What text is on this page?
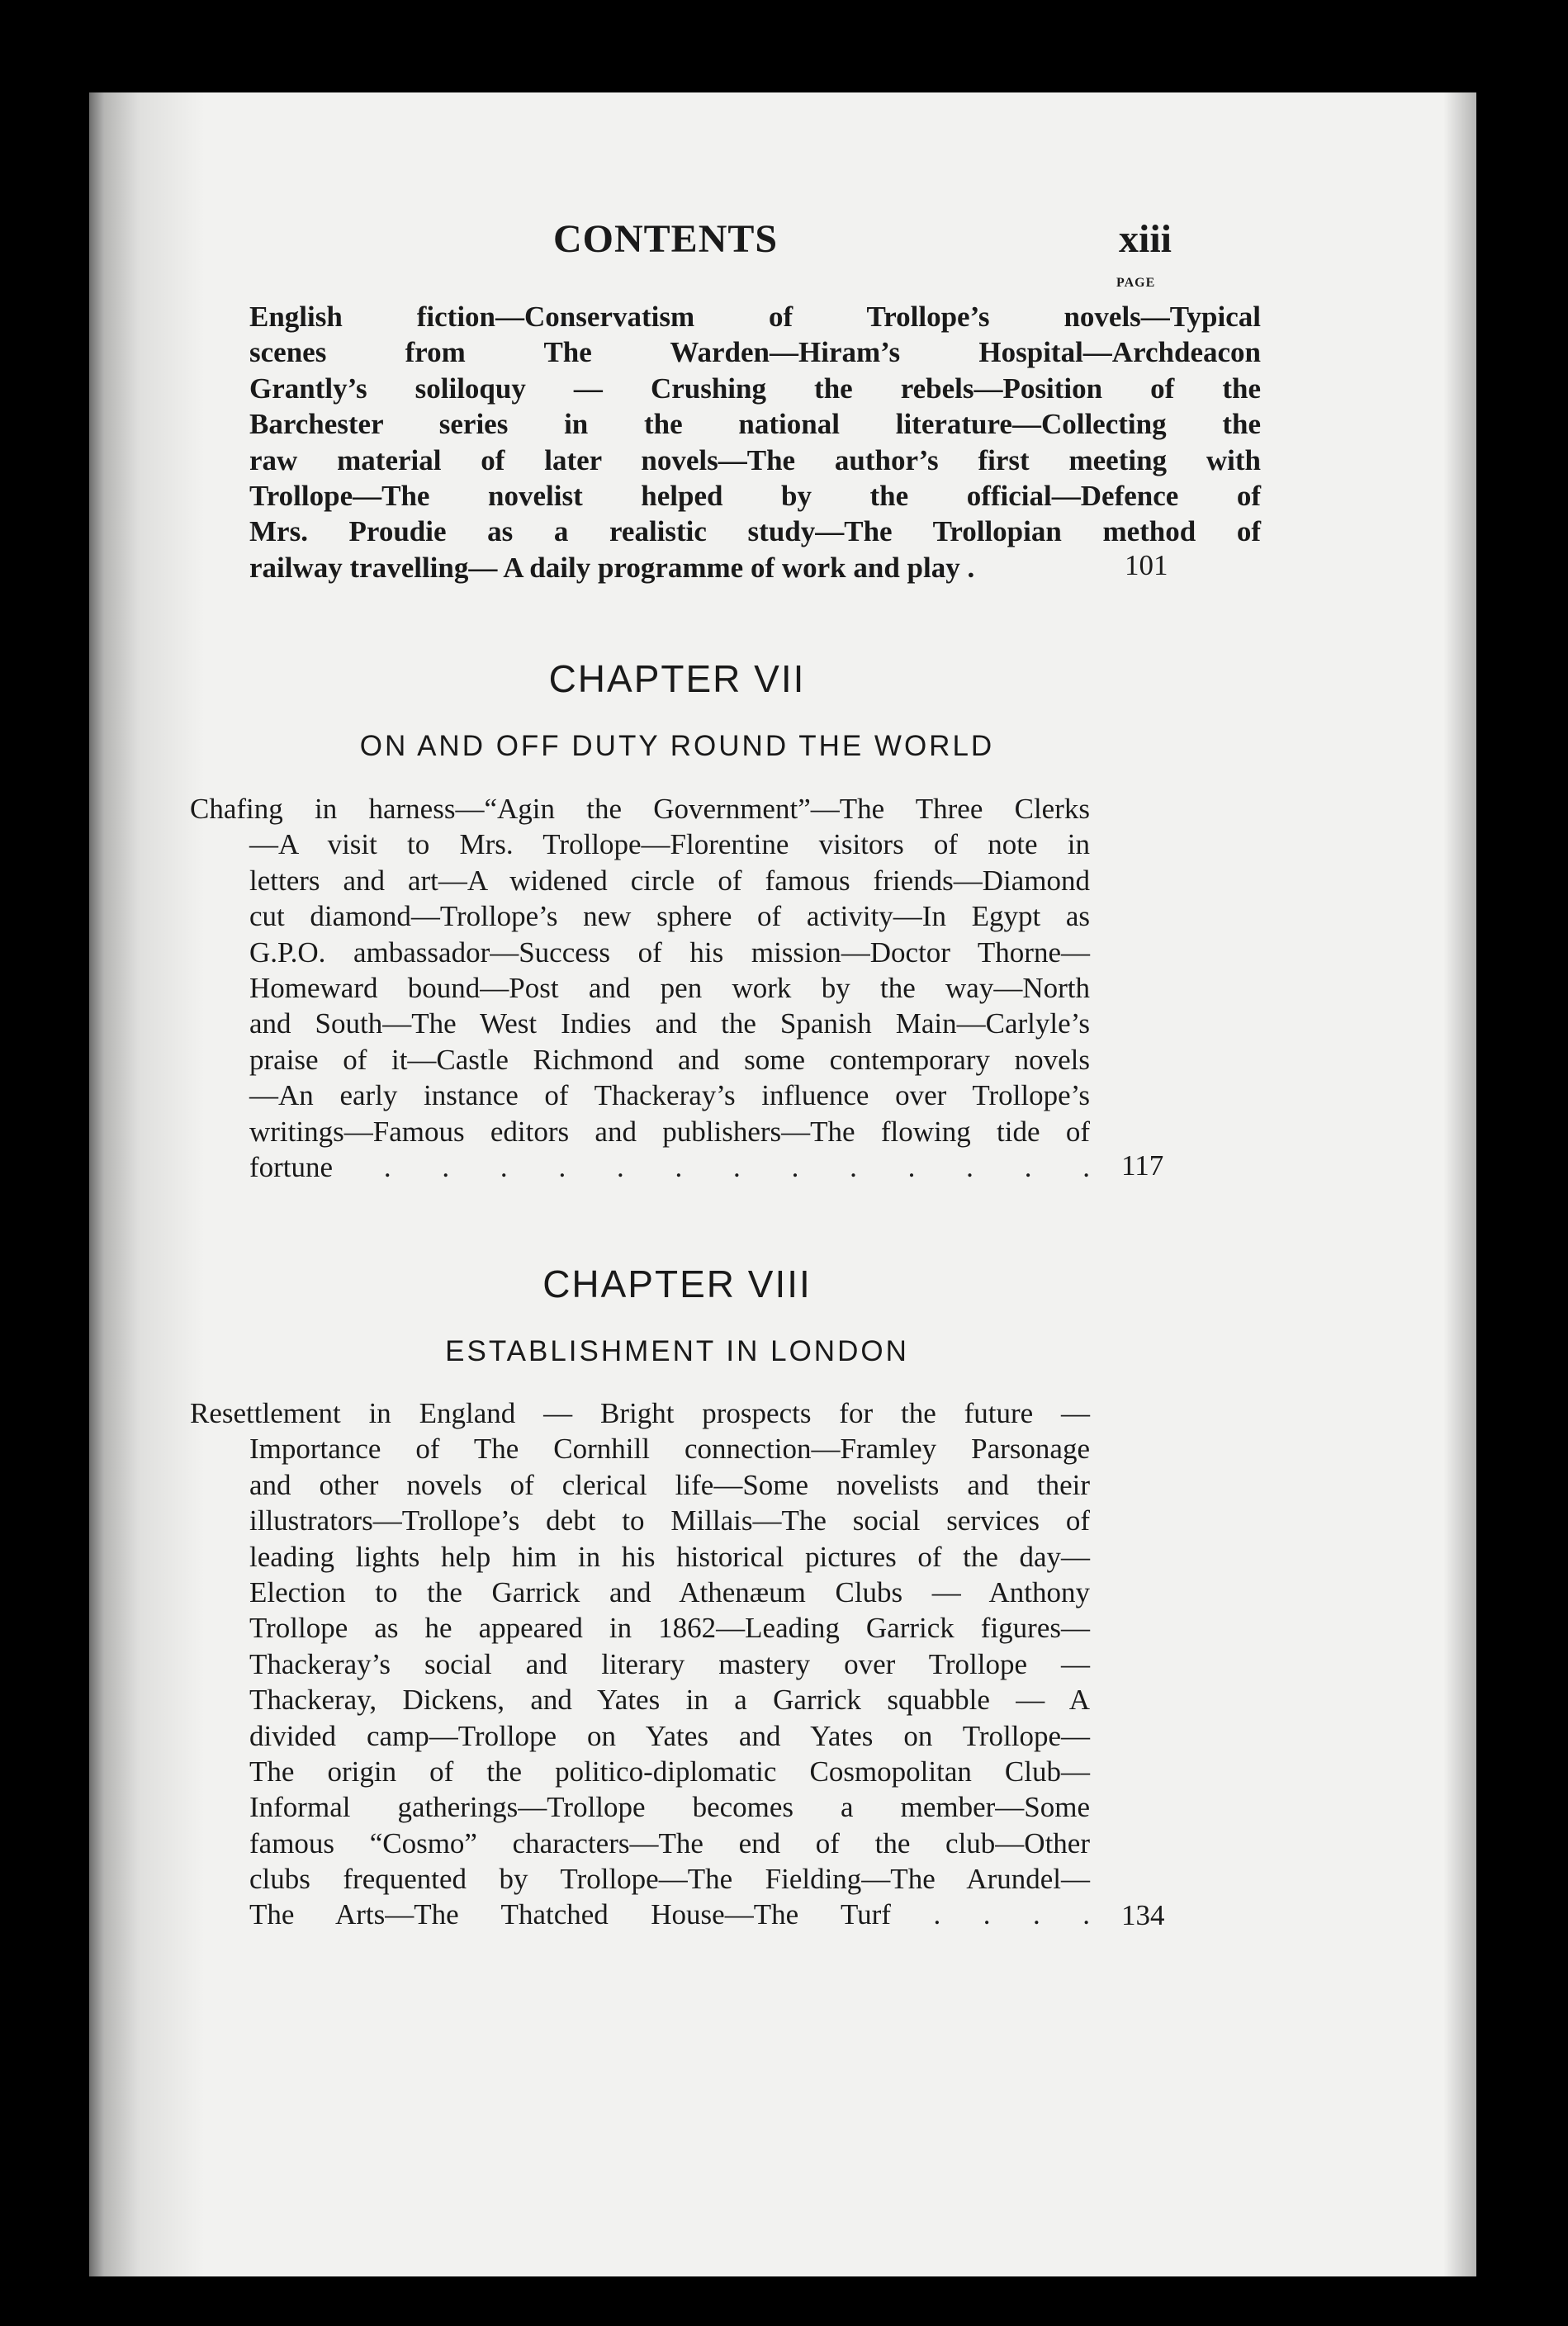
CONTENTS	xiii
PAGE
English fiction—Conservatism of Trollope’s novels—Typical
scenes from The Warden—Hiram’s Hospital—Archdeacon
Grantly’s soliloquy — Crushing the rebels—Position of the
Barchester series in the national literature—Collecting the
raw material of later novels—The author’s first meeting with
Trollope—The novelist helped by the official—Defence of
Mrs. Proudie as a realistic study—The Trollopian method of
railway travelling— A daily programme of work and play .	101
CHAPTER VII
ON AND OFF DUTY ROUND THE WORLD
Chafing in harness—“Agin the Government”—The Three Clerks
—A visit to Mrs. Trollope—Florentine visitors of note in
letters and art—A widened circle of famous friends—Diamond
cut diamond—Trollope’s new sphere of activity—In Egypt as
G.P.O. ambassador—Success of his mission—Doctor Thorne—
Homeward bound—Post and pen work by the way—North
and South—The West Indies and the Spanish Main—Carlyle’s
praise of it—Castle Richmond and some contemporary novels
—An early instance of Thackeray’s influence over Trollope’s
writings—Famous editors and publishers—The flowing tide of
fortune . . . . . . . . . . . . . 117
CHAPTER VIII
ESTABLISHMENT IN LONDON
Resettlement in England — Bright prospects for the future —
Importance of The Cornhill connection—Framley Parsonage
and other novels of clerical life—Some novelists and their
illustrators—Trollope’s debt to Millais—The social services of
leading lights help him in his historical pictures of the day—
Election to the Garrick and Athenæum Clubs — Anthony
Trollope as he appeared in 1862—Leading Garrick figures—
Thackeray’s social and literary mastery over Trollope —
Thackeray, Dickens, and Yates in a Garrick squabble — A
divided camp—Trollope on Yates and Yates on Trollope—
The origin of the politico-diplomatic Cosmopolitan Club—
Informal gatherings—Trollope becomes a member—Some
famous “Cosmo” characters—The end of the club—Other
clubs frequented by Trollope—The Fielding—The Arundel—
The Arts—The Thatched House—The Turf . . . . 134
